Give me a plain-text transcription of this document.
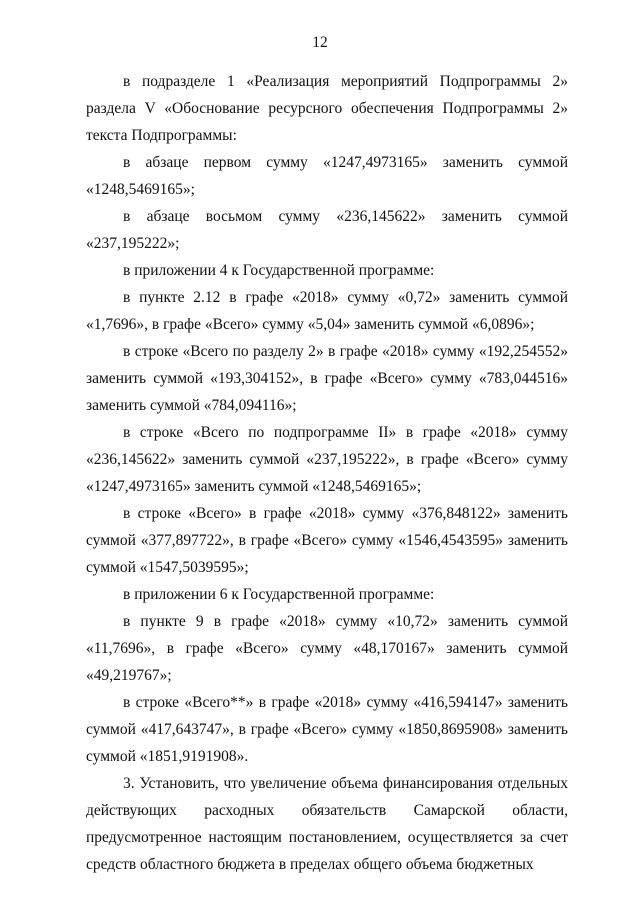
12

в подразделе 1 «Реализация мероприятий Подпрограммы 2» раздела V «Обоснование ресурсного обеспечения Подпрограммы 2» текста Подпрограммы:

в абзаце первом сумму «1247,4973165» заменить суммой «1248,5469165»;

в абзаце восьмом сумму «236,145622» заменить суммой «237,195222»;

в приложении 4 к Государственной программе:

в пункте 2.12 в графе «2018» сумму «0,72» заменить суммой «1,7696», в графе «Всего» сумму «5,04» заменить суммой «6,0896»;

в строке «Всего по разделу 2» в графе «2018» сумму «192,254552» заменить суммой «193,304152», в графе «Всего» сумму «783,044516» заменить суммой «784,094116»;

в строке «Всего по подпрограмме II» в графе «2018» сумму «236,145622» заменить суммой «237,195222», в графе «Всего» сумму «1247,4973165» заменить суммой «1248,5469165»;

в строке «Всего» в графе «2018» сумму «376,848122» заменить суммой «377,897722», в графе «Всего» сумму «1546,4543595» заменить суммой «1547,5039595»;

в приложении 6 к Государственной программе:

в пункте 9 в графе «2018» сумму «10,72» заменить суммой «11,7696», в графе «Всего» сумму «48,170167» заменить суммой «49,219767»;

в строке «Всего**» в графе «2018» сумму «416,594147» заменить суммой «417,643747», в графе «Всего» сумму «1850,8695908» заменить суммой «1851,9191908».

3. Установить, что увеличение объема финансирования отдельных действующих расходных обязательств Самарской области, предусмотренное настоящим постановлением, осуществляется за счет средств областного бюджета в пределах общего объема бюджетных
